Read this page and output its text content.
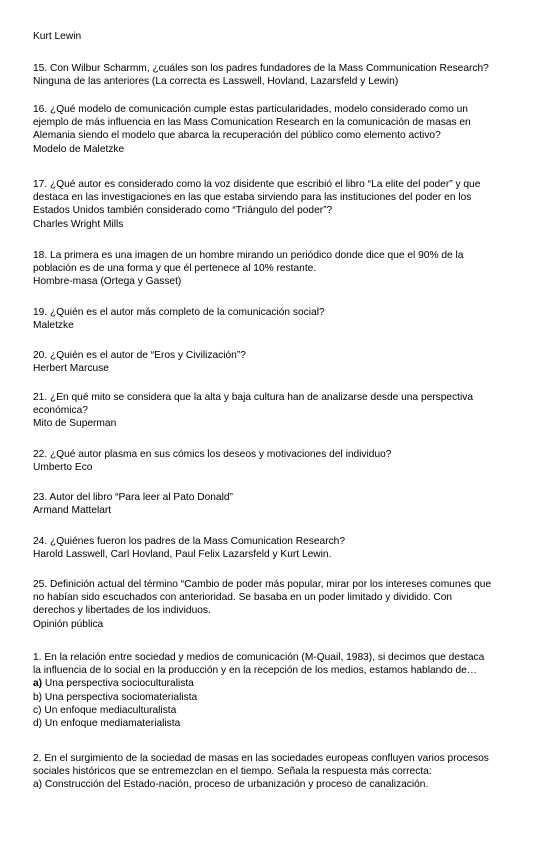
Kurt Lewin
15. Con Wilbur Scharmm, ¿cuáles son los padres fundadores de la Mass Communication Research?
Ninguna de las anteriores (La correcta es Lasswell, Hovland, Lazarsfeld y Lewin)
16. ¿Qué modelo de comunicación cumple estas particularidades, modelo considerado como un
ejemplo de más influencia en las Mass Comunication Research en la comunicación de masas en
Alemania siendo el modelo que abarca la recuperación del público como elemento activo?
Modelo de Maletzke
17. ¿Qué autor es considerado como la voz disidente que escribió el libro “La elite del poder” y que
destaca en las investigaciones en las que estaba sirviendo para las instituciones del poder en los
Estados Unidos también considerado como “Triángulo del poder”?
Charles Wright Mills
18. La primera es una imagen de un hombre mirando un periódico donde dice que el 90% de la
población es de una forma y que él pertenece al 10% restante.
Hombre-masa (Ortega y Gasset)
19. ¿Quién es el autor más completo de la comunicación social?
Maletzke
20. ¿Quién es el autor de “Eros y Civilización”?
Herbert Marcuse
21. ¿En qué mito se considera que la alta y baja cultura han de analizarse desde una perspectiva
económica?
Mito de Superman
22. ¿Qué autor plasma en sus cómics los deseos y motivaciones del individuo?
Umberto Eco
23. Autor del libro “Para leer al Pato Donald”
Armand Mattelart
24. ¿Quiénes fueron los padres de la Mass Comunication Research?
Harold Lasswell, Carl Hovland, Paul Felix Lazarsfeld y Kurt Lewin.
25. Definición actual del término “Cambio de poder más popular, mirar por los intereses comunes que
no habían sido escuchados con anterioridad. Se basaba en un poder limitado y dividido. Con
derechos y libertades de los individuos.
Opinión pública
1. En la relación entre sociedad y medios de comunicación (M-Quail, 1983), si decimos que destaca
la influencia de lo social en la producción y en la recepción de los medios, estamos hablando de…
a) Una perspectiva socioculturalista
b) Una perspectiva sociomaterialista
c) Un enfoque mediaculturalista
d) Un enfoque mediamaterialista
2. En el surgimiento de la sociedad de masas en las sociedades europeas confluyen varios procesos
sociales históricos que se entremezclan en el tiempo. Señala la respuesta más correcta:
a) Construcción del Estado-nación, proceso de urbanización y proceso de canalización.
